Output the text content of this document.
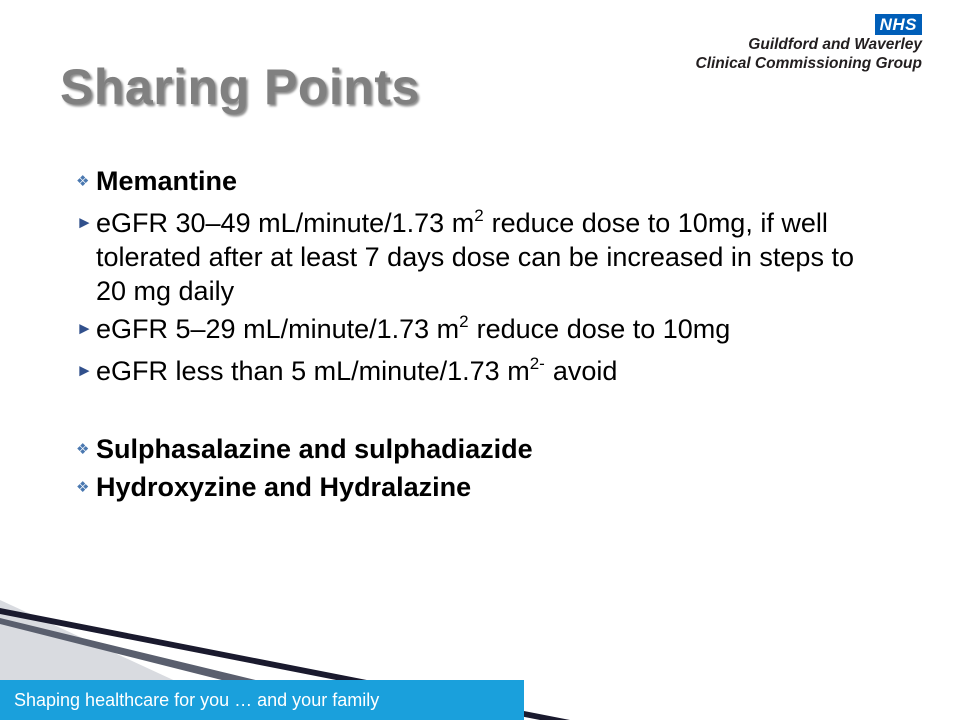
NHS
Guildford and Waverley
Clinical Commissioning Group
Sharing Points
❖ Memantine
► eGFR 30–49 mL/minute/1.73 $m^2$ reduce dose to 10mg, if well tolerated after at least 7 days dose can be increased in steps to 20 mg daily
► eGFR 5–29 mL/minute/1.73 $m^2$ reduce dose to 10mg
► eGFR less than 5 mL/minute/1.73 $m^{2-}$ avoid
❖ Sulphasalazine and sulphadiazide
❖ Hydroxyzine and Hydralazine
Shaping healthcare for you … and your family
